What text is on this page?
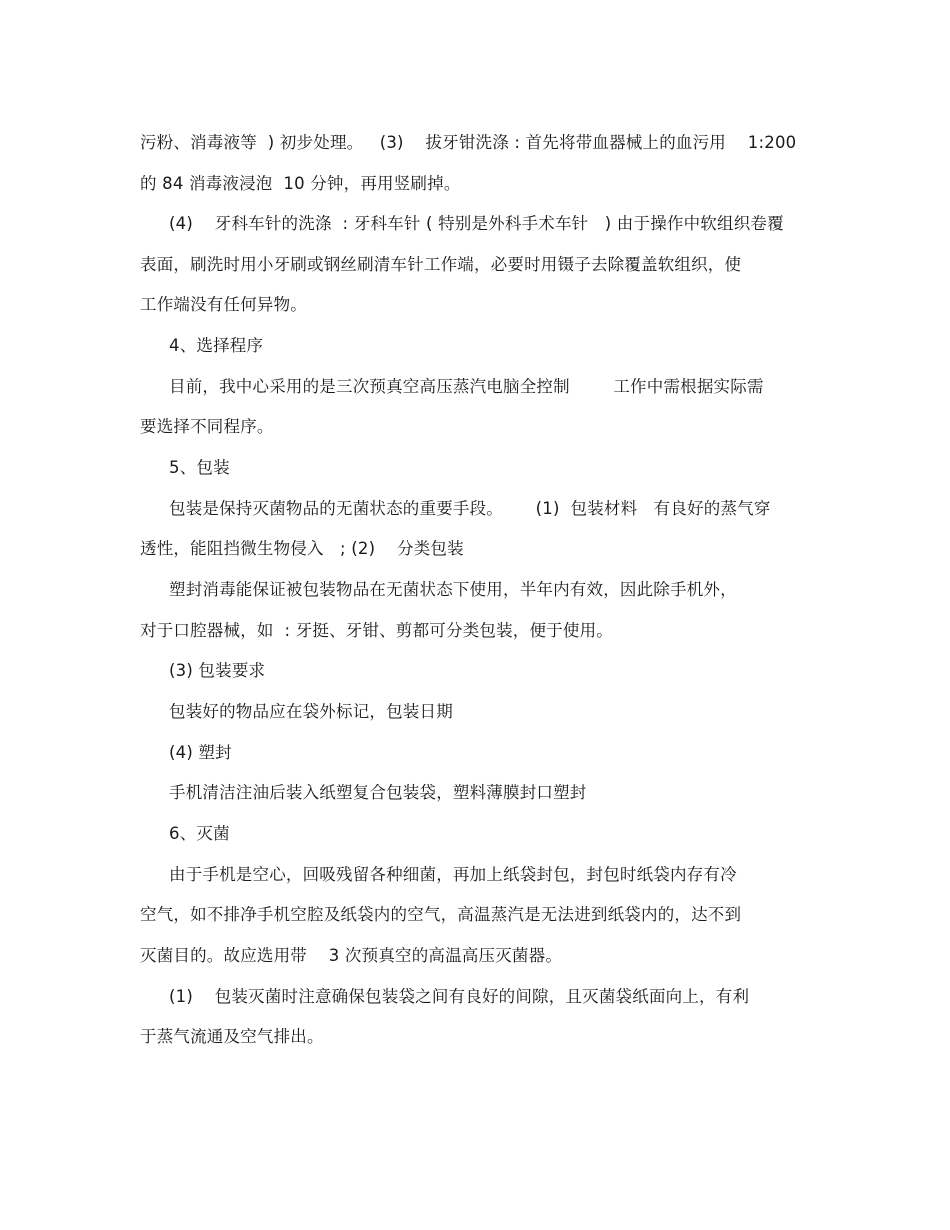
污粉、消毒液等  ) 初步处理。   (3)    拔牙钳洗涤 : 首先将带血器械上的血污用    1:200
的 84 消毒液浸泡  10 分钟，再用竖刷掉。
(4)    牙科车针的洗涤  : 牙科车针 ( 特别是外科手术车针   ) 由于操作中软组织卷覆
表面，刷洗时用小牙刷或钢丝刷清车针工作端，必要时用镊子去除覆盖软组织，使
工作端没有任何异物。
4、选择程序
目前，我中心采用的是三次预真空高压蒸汽电脑全控制        工作中需根据实际需
要选择不同程序。
5、包装
包装是保持灭菌物品的无菌状态的重要手段。      (1)  包装材料   有良好的蒸气穿
透性，能阻挡微生物侵入   ; (2)    分类包装
塑封消毒能保证被包装物品在无菌状态下使用，半年内有效，因此除手机外，
对于口腔器械，如  : 牙挺、牙钳、剪都可分类包装，便于使用。
(3) 包装要求
包装好的物品应在袋外标记，包装日期
(4) 塑封
手机清洁注油后装入纸塑复合包装袋，塑料薄膜封口塑封
6、灭菌
由于手机是空心，回吸残留各种细菌，再加上纸袋封包，封包时纸袋内存有冷
空气，如不排净手机空腔及纸袋内的空气，高温蒸汽是无法进到纸袋内的，达不到
灭菌目的。故应选用带    3 次预真空的高温高压灭菌器。
(1)    包装灭菌时注意确保包装袋之间有良好的间隙，且灭菌袋纸面向上，有利
于蒸气流通及空气排出。
